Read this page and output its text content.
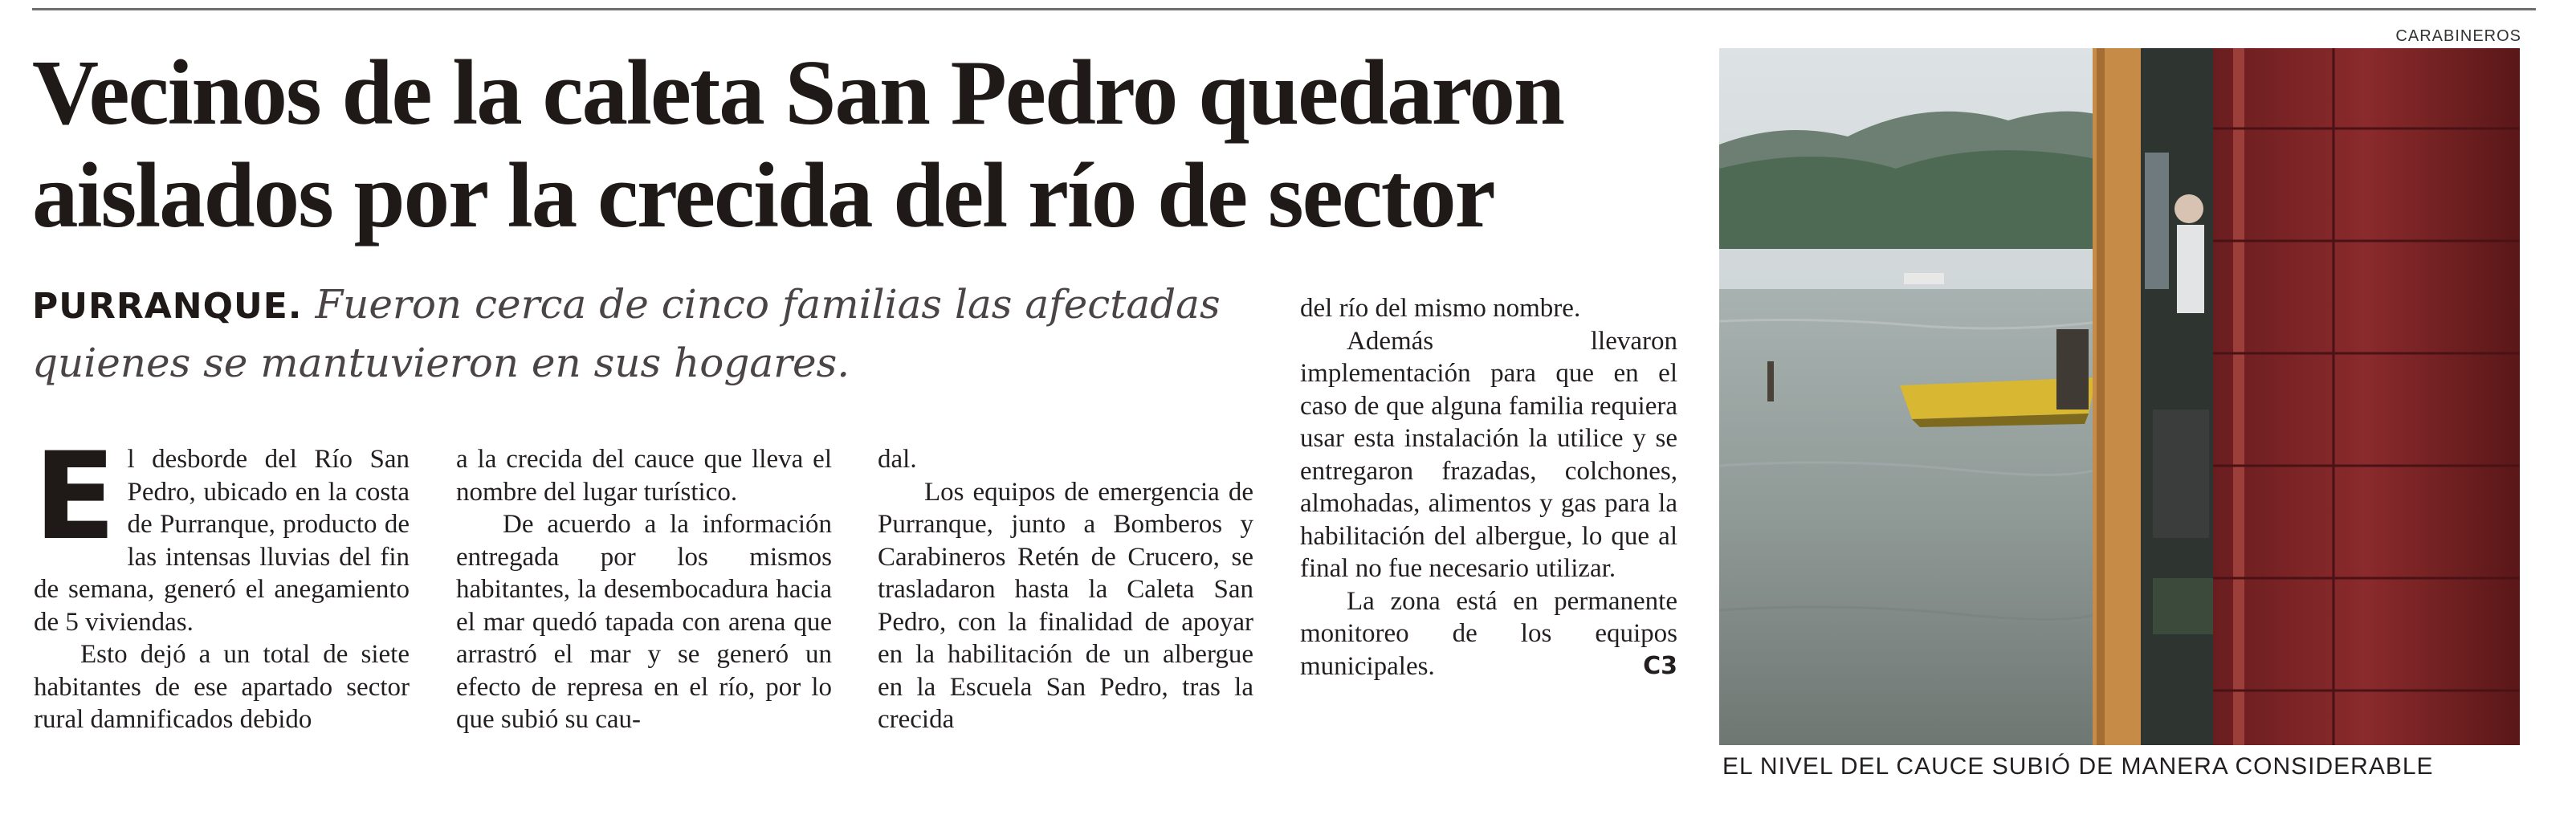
Vecinos de la caleta San Pedro quedaron
aislados por la crecida del río de sector
PURRANQUE. Fueron cerca de cinco familias las afectadas quienes se mantuvieron en sus hogares.
E l desborde del Río San Pedro, ubicado en la costa de Purranque, producto de las intensas lluvias del fin de semana, generó el anegamiento de 5 viviendas.

Esto dejó a un total de siete habitantes de ese apartado sector rural damnificados debido

a la crecida del cauce que lleva el nombre del lugar turístico.

De acuerdo a la información entregada por los mismos habitantes, la desembocadura hacia el mar quedó tapada con arena que arrastró el mar y se generó un efecto de represa en el río, por lo que subió su cau-

dal.

Los equipos de emergencia de Purranque, junto a Bomberos y Carabineros Retén de Crucero, se trasladaron hasta la Caleta San Pedro, con la finalidad de apoyar en la habilitación de un albergue en la Escuela San Pedro, tras la crecida

del río del mismo nombre.

Además llevaron implementación para que en el caso de que alguna familia requiera usar esta instalación la utilice y se entregaron frazadas, colchones, almohadas, alimentos y gas para la habilitación del albergue, lo que al final no fue necesario utilizar.

La zona está en permanente monitoreo de los equipos municipales.	C3

CARABINEROS
EL NIVEL DEL CAUCE SUBIÓ DE MANERA CONSIDERABLE
